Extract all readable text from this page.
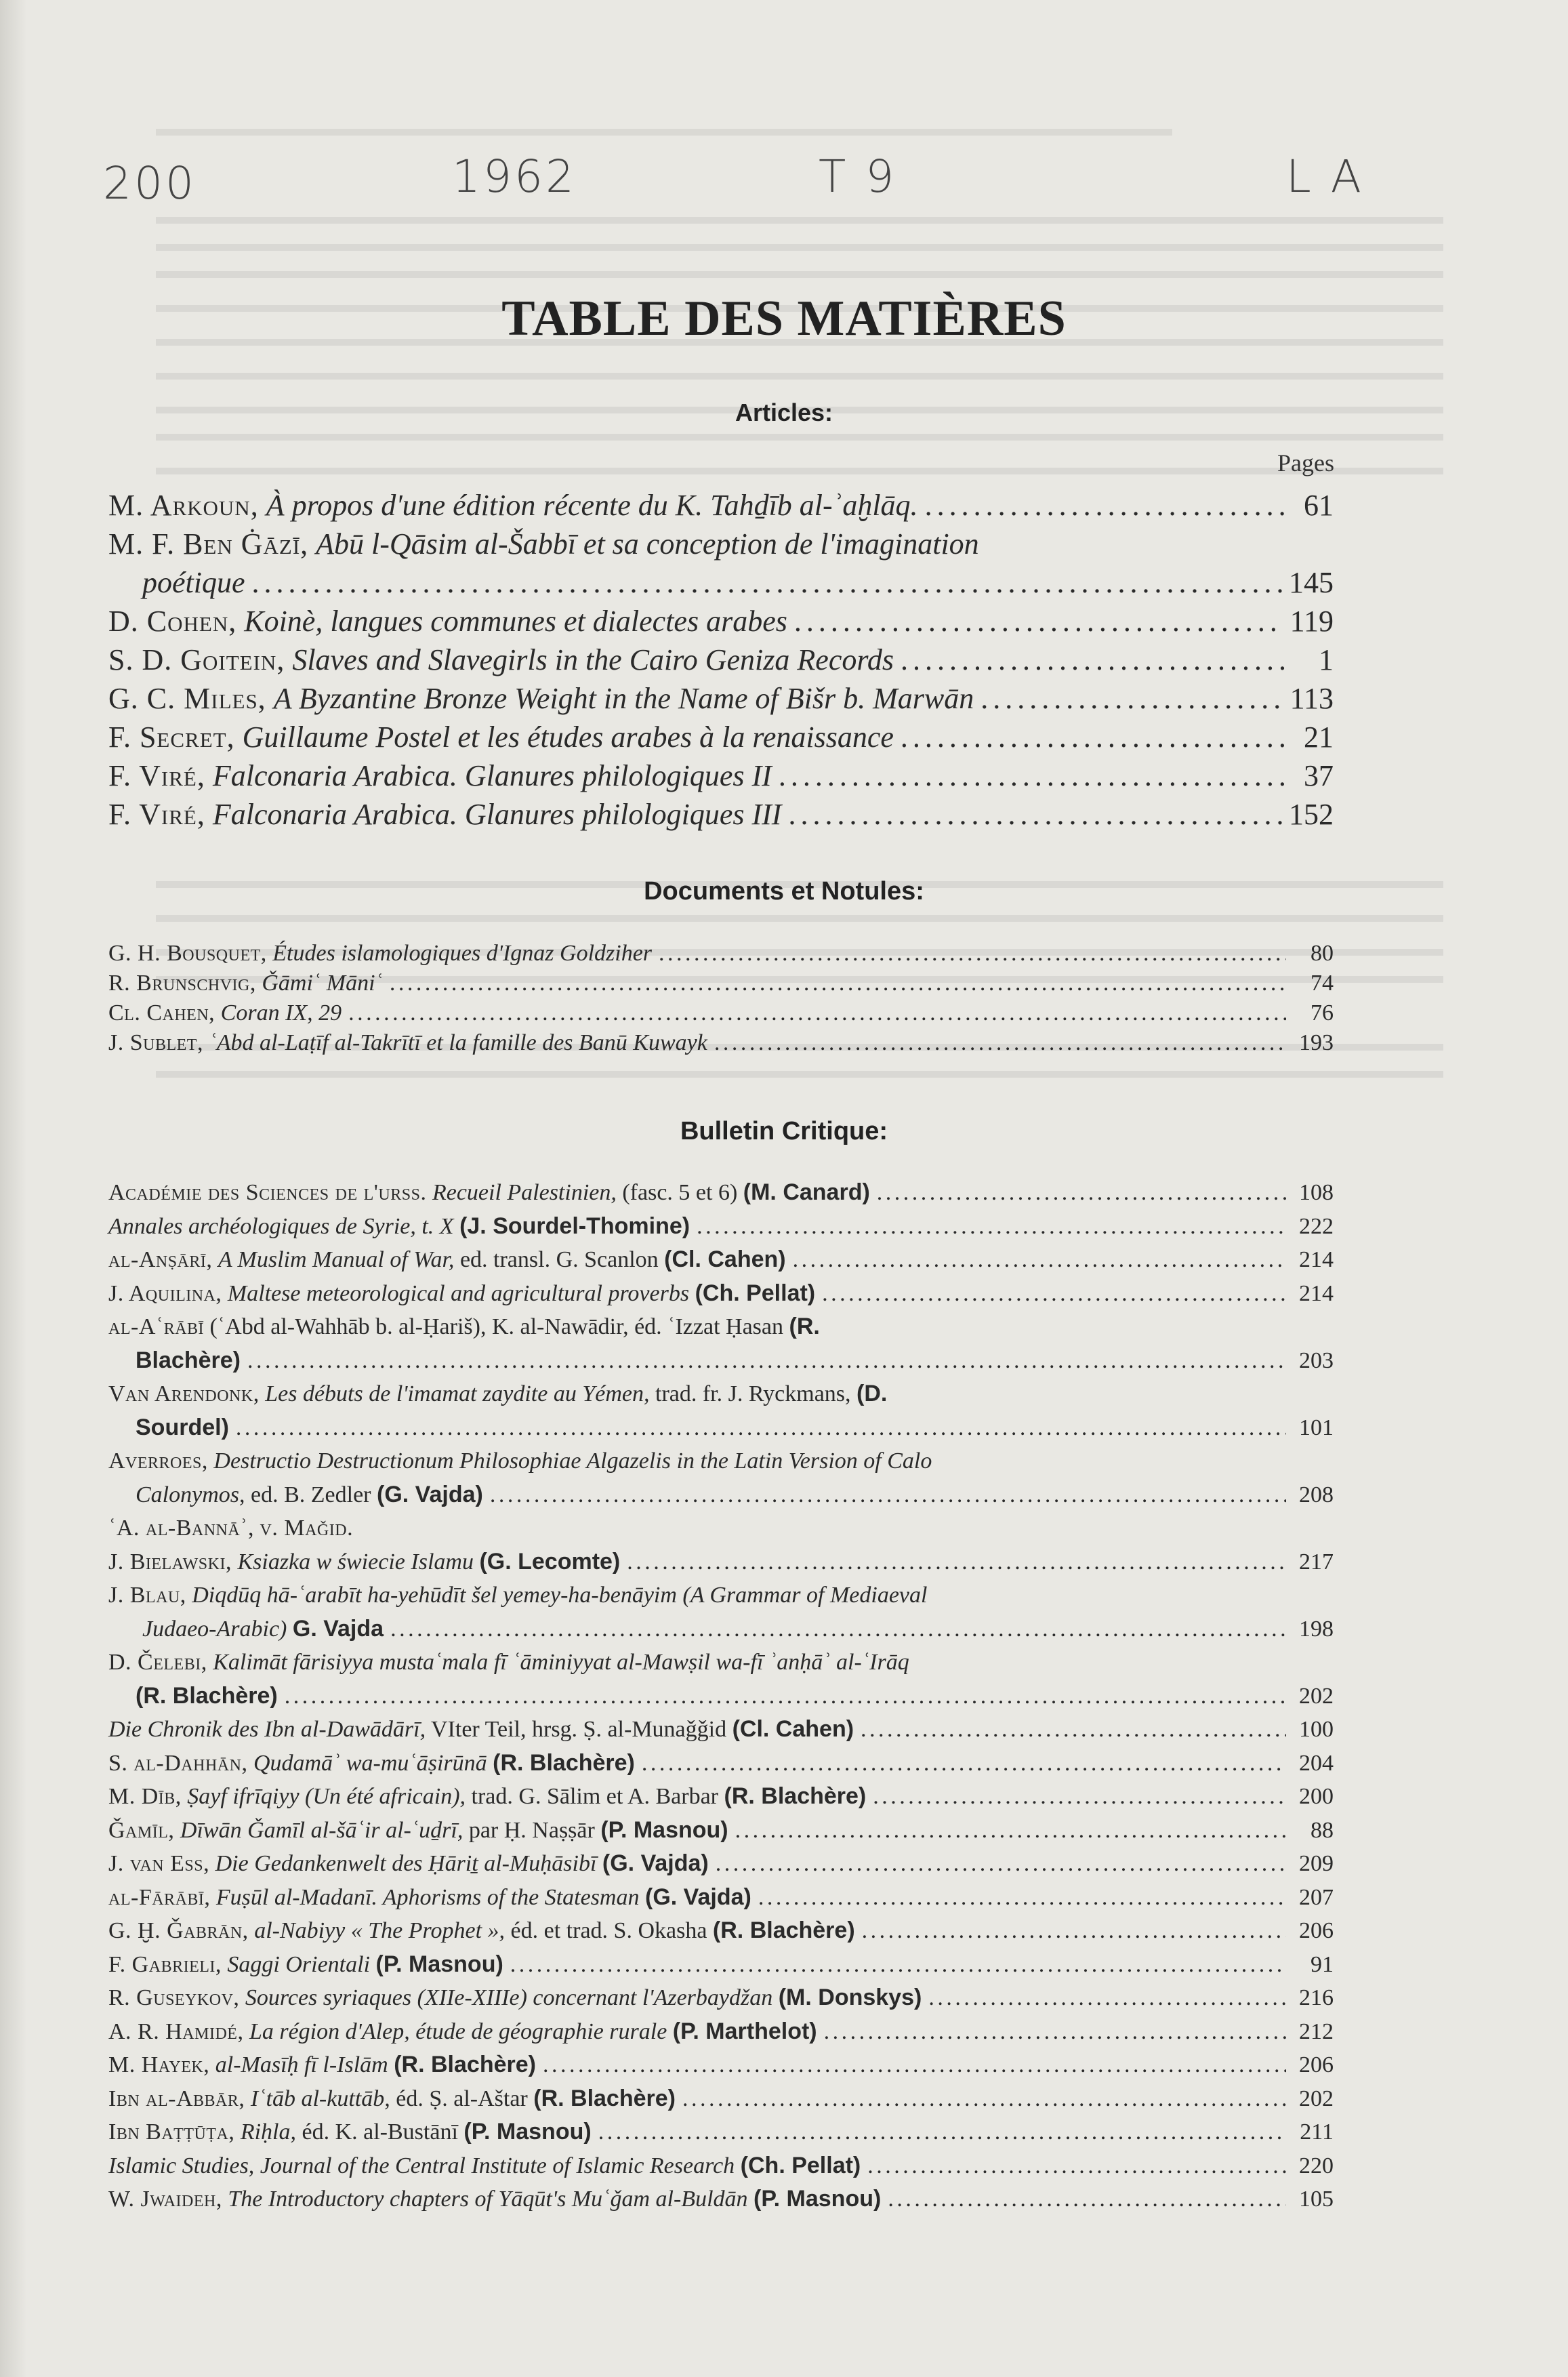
200	1962	T 9	L A
TABLE DES MATIÈRES
Articles:
Pages
M. Arkoun, À propos d'une édition récente du K. Tahḏīb al-ʾaḫlāq. . . .	61
M. F. Ben Ġāzī, Abū l-Qāsim al-Šabbī et sa conception de l'imagination
poétique . . .	145
D. Cohen, Koinè, langues communes et dialectes arabes . . .	119
S. D. Goitein, Slaves and Slavegirls in the Cairo Geniza Records . . .	1
G. C. Miles, A Byzantine Bronze Weight in the Name of Bišr b. Marwān . . .	113
F. Secret, Guillaume Postel et les études arabes à la renaissance . . .	21
F. Viré, Falconaria Arabica. Glanures philologiques II . . .	37
F. Viré, Falconaria Arabica. Glanures philologiques III . . .	152
Documents et Notules:
G. H. Bousquet, Études islamologiques d'Ignaz Goldziher . . .	80
R. Brunschvig, Ǧāmiʿ Māniʿ . . .	74
Cl. Cahen, Coran IX, 29 . . .	76
J. Sublet, ʿAbd al-Laṭīf al-Takrītī et la famille des Banū Kuwayk . . .	193
Bulletin Critique:
Académie des Sciences de l'urss. Recueil Palestinien, (fasc. 5 et 6) (M. Canard) . . .	108
Annales archéologiques de Syrie, t. X (J. Sourdel-Thomine) . . .	222
al-Anṣārī, A Muslim Manual of War, ed. transl. G. Scanlon (Cl. Cahen) . . .	214
J. Aquilina, Maltese meteorological and agricultural proverbs (Ch. Pellat) . . .	214
al-Aʿrābī (ʿAbd al-Wahhāb b. al-Ḥariš), K. al-Nawādir, éd. ʿIzzat Ḥasan (R.
Blachère) . . .	203
Van Arendonk, Les débuts de l'imamat zaydite au Yémen, trad. fr. J. Ryckmans, (D.
Sourdel) . . .	101
Averroes, Destructio Destructionum Philosophiae Algazelis in the Latin Version of Calo
Calonymos, ed. B. Zedler (G. Vajda) . . .	208
ʿA. al-Bannāʾ, v. Maǧid.
J. Bielawski, Ksiazka w świecie Islamu (G. Lecomte) . . .	217
J. Blau, Diqdūq hā-ʿarabīt ha-yehūdīt šel yemey-ha-benāyim (A Grammar of Mediaeval
Judaeo-Arabic) G. Vajda . . .	198
D. Čelebi, Kalimāt fārisiyya mustaʿmala fī ʿāminiyyat al-Mawṣil wa-fī ʾanḥāʾ al-ʿIrāq
(R. Blachère) . . .	202
Die Chronik des Ibn al-Dawādārī, VIter Teil, hrsg. Ṣ. al-Munaǧǧid (Cl. Cahen) . . .	100
S. al-Dahhān, Qudamāʾ wa-muʿāṣirūnā (R. Blachère) . . .	204
M. Dīb, Ṣayf ifrīqiyy (Un été africain), trad. G. Sālim et A. Barbar (R. Blachère) . . .	200
Ǧamīl, Dīwān Ǧamīl al-šāʿir al-ʿuḏrī, par Ḥ. Naṣṣār (P. Masnou) . . .	88
J. van Ess, Die Gedankenwelt des Ḥāriṯ al-Muḥāsibī (G. Vajda) . . .	209
al-Fārābī, Fuṣūl al-Madanī. Aphorisms of the Statesman (G. Vajda) . . .	207
G. Ḫ. Ǧabrān, al-Nabiyy « The Prophet », éd. et trad. S. Okasha (R. Blachère) . . .	206
F. Gabrieli, Saggi Orientali (P. Masnou) . . .	91
R. Guseykov, Sources syriaques (XIIe-XIIIe) concernant l'Azerbaydžan (M. Donskys) . . .	216
A. R. Hamidé, La région d'Alep, étude de géographie rurale (P. Marthelot) . . .	212
M. Hayek, al-Masīḥ fī l-Islām (R. Blachère) . . .	206
Ibn al-Abbār, Iʿtāb al-kuttāb, éd. Ṣ. al-Aštar (R. Blachère) . . .	202
Ibn Baṭṭūṭa, Riḥla, éd. K. al-Bustānī (P. Masnou) . . .	211
Islamic Studies, Journal of the Central Institute of Islamic Research (Ch. Pellat) . . .	220
W. Jwaideh, The Introductory chapters of Yāqūt's Muʿǧam al-Buldān (P. Masnou) . . .	105
